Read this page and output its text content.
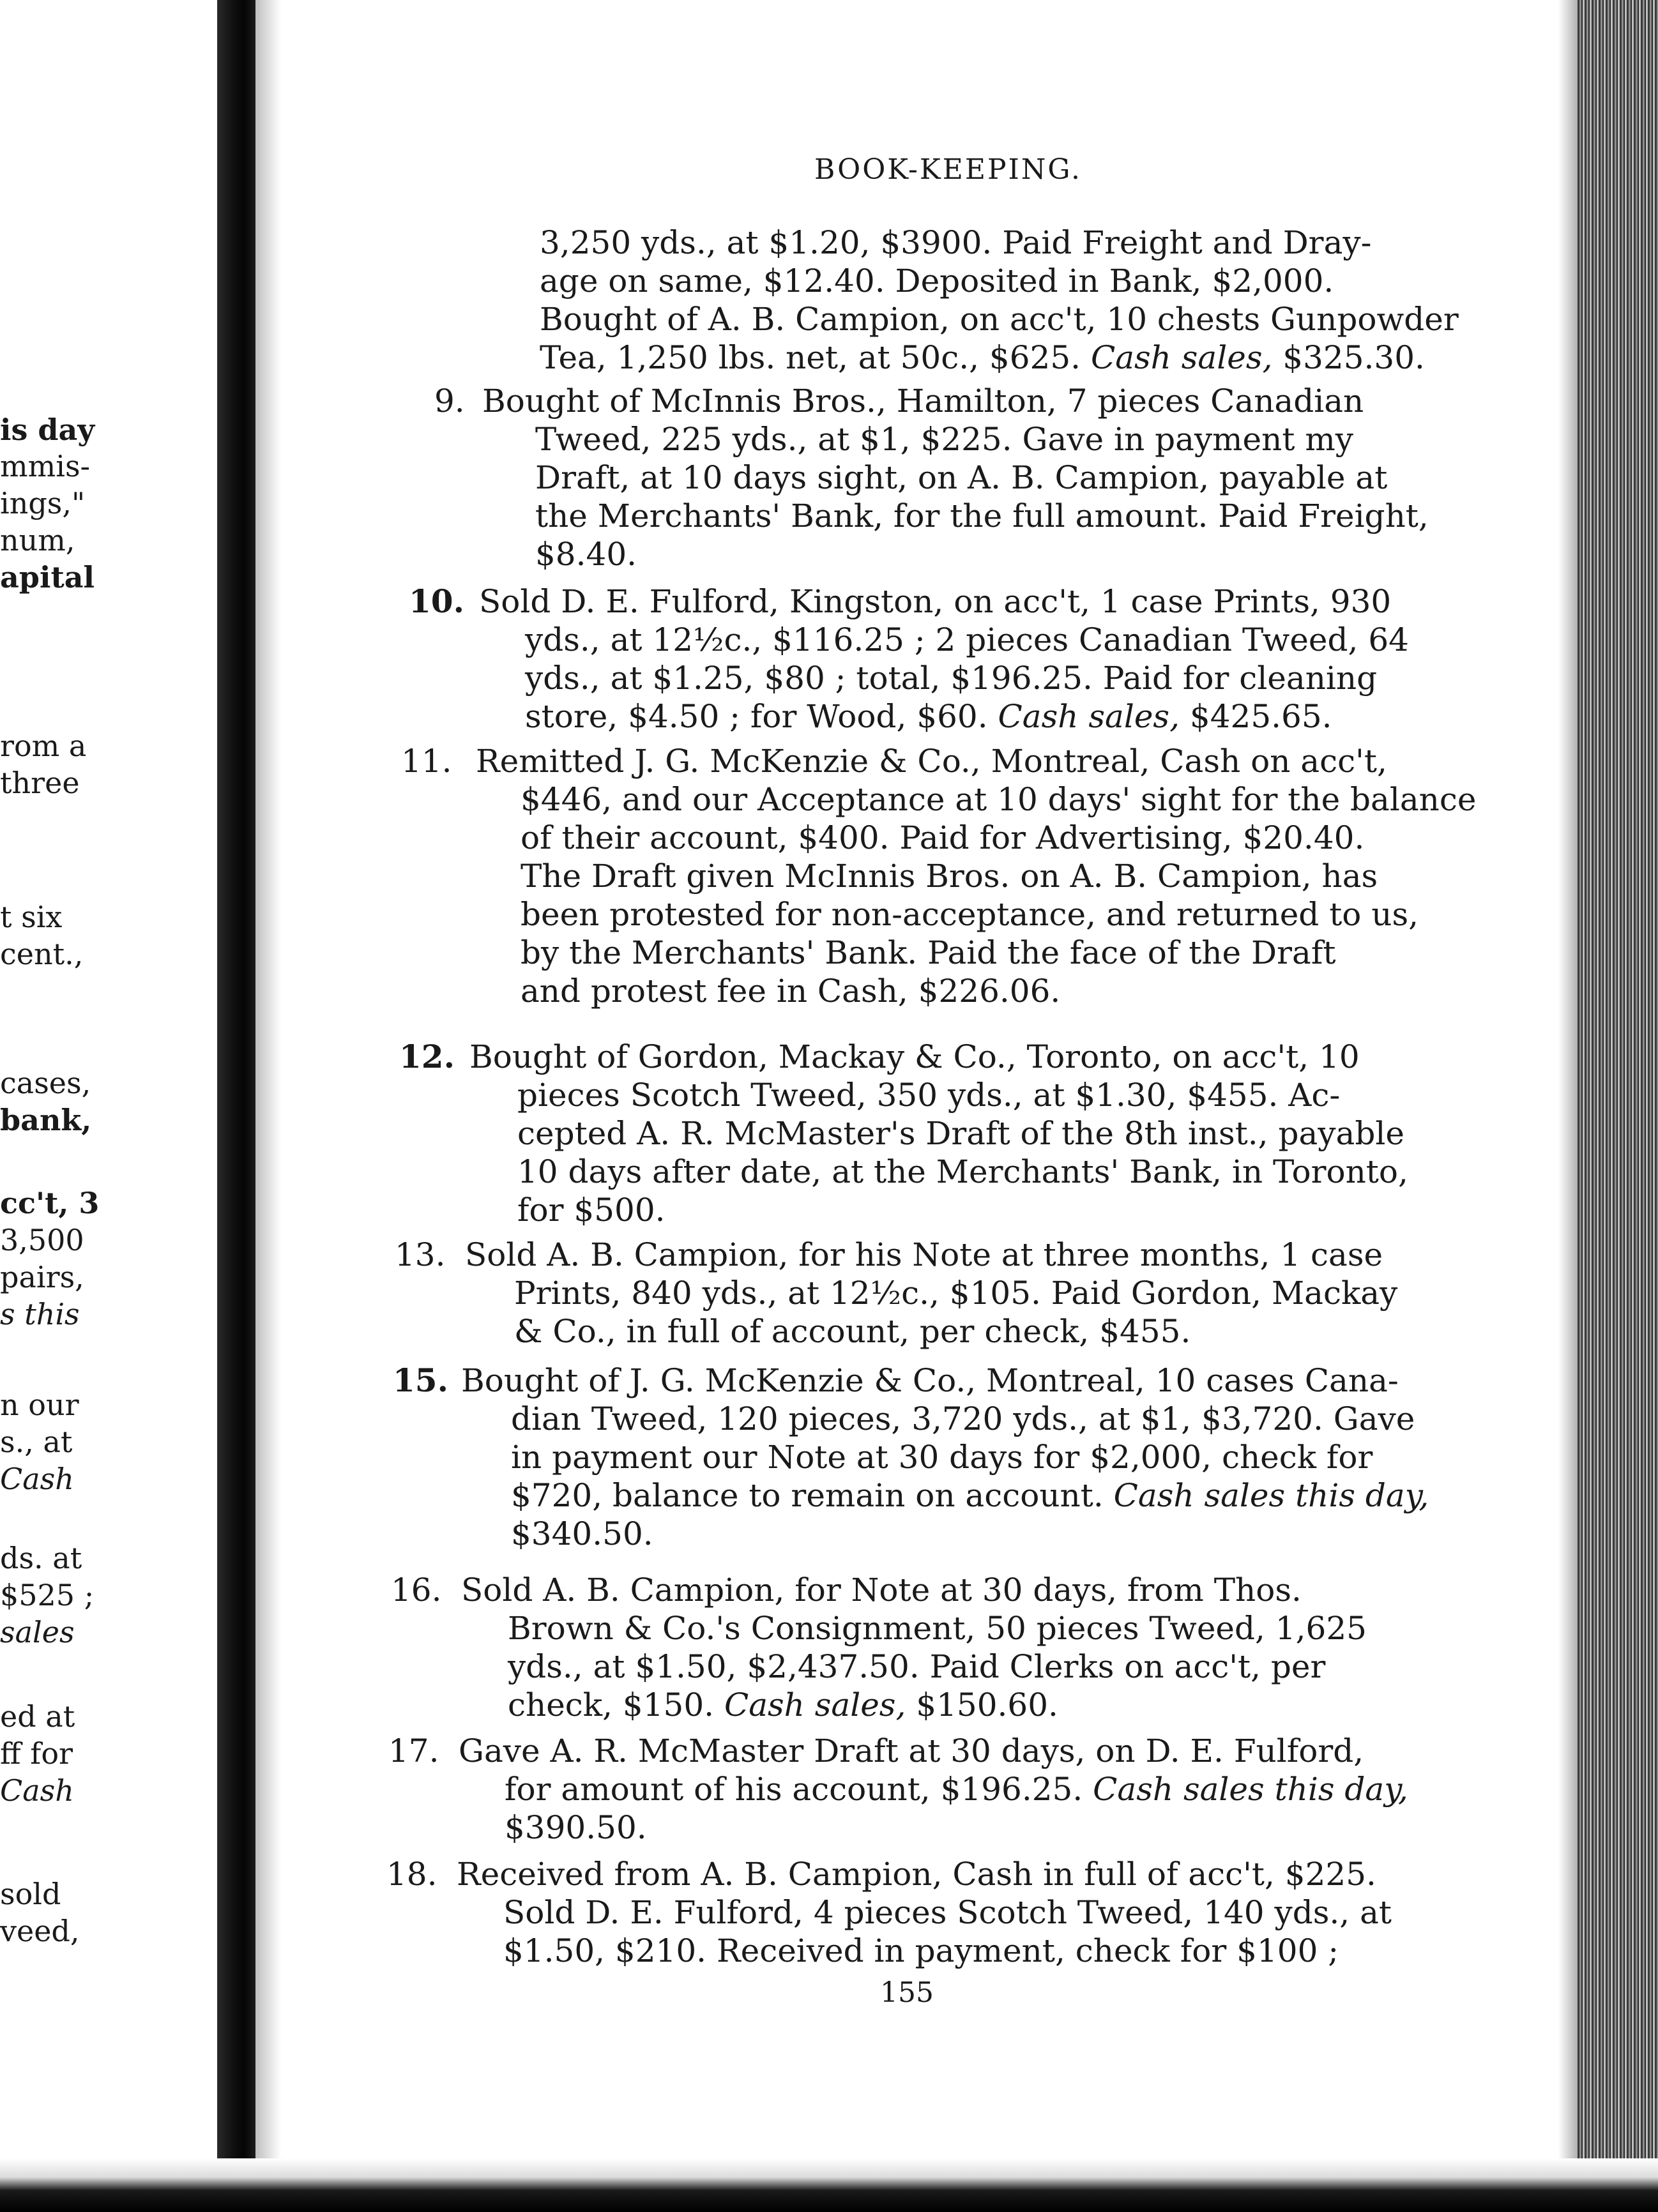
is day
mmis-
ings,"
num,
apital
rom a
three
t six
cent.,
cases,
bank,
cc't, 3
3,500
pairs,
s this
n our
s., at
Cash
ds. at
$525 ;
sales
ed at
ff for
Cash
sold
veed,
BOOK-KEEPING.
3,250 yds., at $1.20, $3900. Paid Freight and Dray-
age on same, $12.40. Deposited in Bank, $2,000.
Bought of A. B. Campion, on acc't, 10 chests Gunpowder
Tea, 1,250 lbs. net, at 50c., $625. Cash sales, $325.30.
9. Bought of McInnis Bros., Hamilton, 7 pieces Canadian
Tweed, 225 yds., at $1, $225. Gave in payment my
Draft, at 10 days sight, on A. B. Campion, payable at
the Merchants' Bank, for the full amount. Paid Freight,
$8.40.
10. Sold D. E. Fulford, Kingston, on acc't, 1 case Prints, 930
yds., at 12½c., $116.25 ; 2 pieces Canadian Tweed, 64
yds., at $1.25, $80 ; total, $196.25. Paid for cleaning
store, $4.50 ; for Wood, $60. Cash sales, $425.65.
11. Remitted J. G. McKenzie & Co., Montreal, Cash on acc't,
$446, and our Acceptance at 10 days' sight for the balance
of their account, $400. Paid for Advertising, $20.40.
The Draft given McInnis Bros. on A. B. Campion, has
been protested for non-acceptance, and returned to us,
by the Merchants' Bank. Paid the face of the Draft
and protest fee in Cash, $226.06.
12. Bought of Gordon, Mackay & Co., Toronto, on acc't, 10
pieces Scotch Tweed, 350 yds., at $1.30, $455. Ac-
cepted A. R. McMaster's Draft of the 8th inst., payable
10 days after date, at the Merchants' Bank, in Toronto,
for $500.
13. Sold A. B. Campion, for his Note at three months, 1 case
Prints, 840 yds., at 12½c., $105. Paid Gordon, Mackay
& Co., in full of account, per check, $455.
15. Bought of J. G. McKenzie & Co., Montreal, 10 cases Cana-
dian Tweed, 120 pieces, 3,720 yds., at $1, $3,720. Gave
in payment our Note at 30 days for $2,000, check for
$720, balance to remain on account. Cash sales this day,
$340.50.
16. Sold A. B. Campion, for Note at 30 days, from Thos.
Brown & Co.'s Consignment, 50 pieces Tweed, 1,625
yds., at $1.50, $2,437.50. Paid Clerks on acc't, per
check, $150. Cash sales, $150.60.
17. Gave A. R. McMaster Draft at 30 days, on D. E. Fulford,
for amount of his account, $196.25. Cash sales this day,
$390.50.
18. Received from A. B. Campion, Cash in full of acc't, $225.
Sold D. E. Fulford, 4 pieces Scotch Tweed, 140 yds., at
$1.50, $210. Received in payment, check for $100 ;
155
